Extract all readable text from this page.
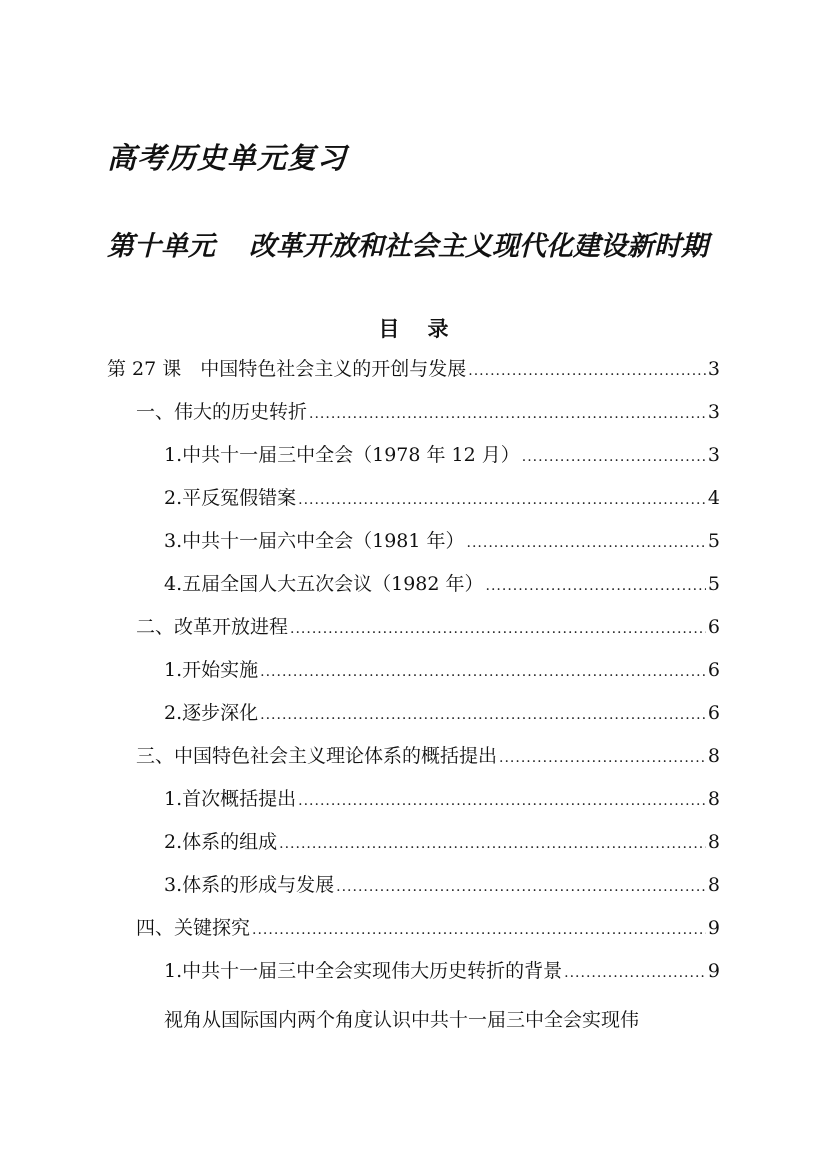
高考历史单元复习
第十单元 改革开放和社会主义现代化建设新时期
目 录
第 27 课　中国特色社会主义的开创与发展 .....	3
一、伟大的历史转折 .....	3
1.中共十一届三中全会（1978 年 12 月） .....	3
2.平反冤假错案 .....	4
3.中共十一届六中全会（1981 年） .....	5
4.五届全国人大五次会议（1982 年） .....	5
二、改革开放进程 .....	6
1.开始实施 .....	6
2.逐步深化 .....	6
三、中国特色社会主义理论体系的概括提出 .....	8
1.首次概括提出 .....	8
2.体系的组成 .....	8
3.体系的形成与发展 .....	8
四、关键探究 .....	9
1.中共十一届三中全会实现伟大历史转折的背景 .....	9
视角从国际国内两个角度认识中共十一届三中全会实现伟
